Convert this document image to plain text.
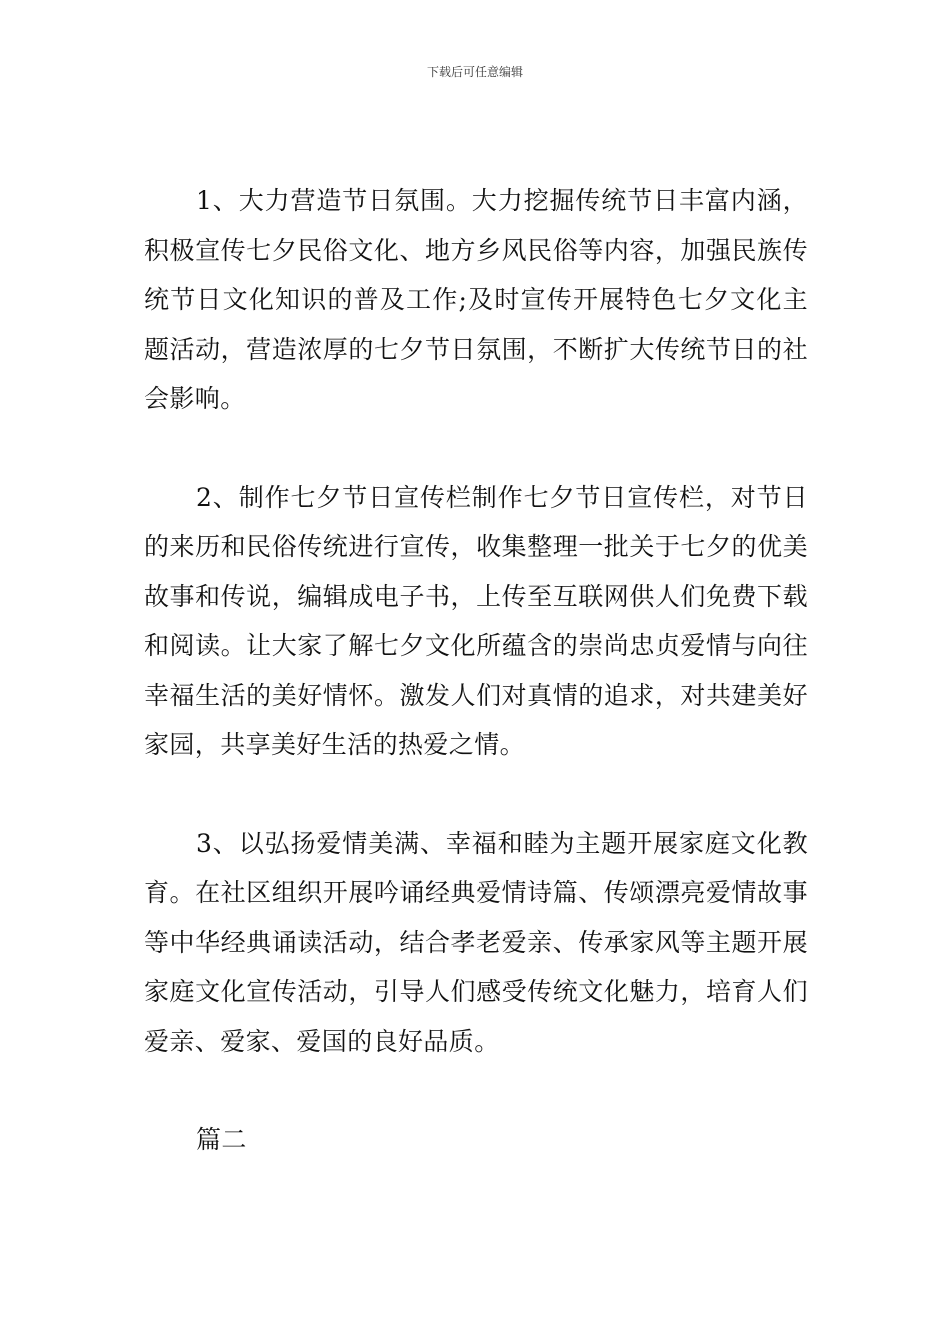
下载后可任意编辑

1、大力营造节日氛围。大力挖掘传统节日丰富内涵，积极宣传七夕民俗文化、地方乡风民俗等内容，加强民族传统节日文化知识的普及工作;及时宣传开展特色七夕文化主题活动，营造浓厚的七夕节日氛围，不断扩大传统节日的社会影响。

2、制作七夕节日宣传栏制作七夕节日宣传栏，对节日的来历和民俗传统进行宣传，收集整理一批关于七夕的优美故事和传说，编辑成电子书，上传至互联网供人们免费下载和阅读。让大家了解七夕文化所蕴含的崇尚忠贞爱情与向往幸福生活的美好情怀。激发人们对真情的追求，对共建美好家园，共享美好生活的热爱之情。

3、以弘扬爱情美满、幸福和睦为主题开展家庭文化教育。在社区组织开展吟诵经典爱情诗篇、传颂漂亮爱情故事等中华经典诵读活动，结合孝老爱亲、传承家风等主题开展家庭文化宣传活动，引导人们感受传统文化魅力，培育人们爱亲、爱家、爱国的良好品质。

篇二
